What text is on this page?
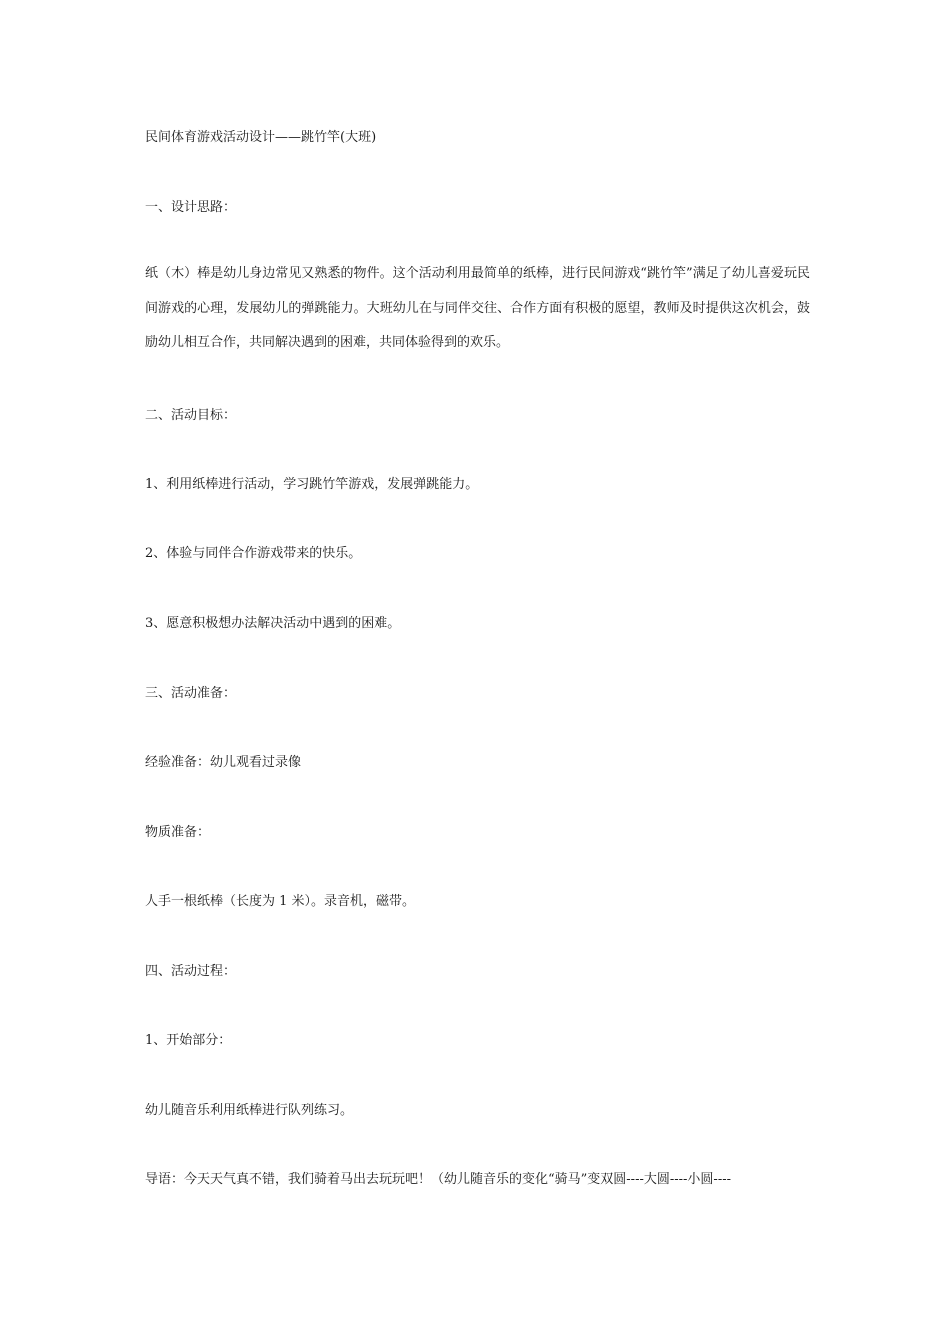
民间体育游戏活动设计——跳竹竿(大班)
一、设计思路：
纸（木）棒是幼儿身边常见又熟悉的物件。这个活动利用最简单的纸棒，进行民间游戏“跳竹竿”满足了幼儿喜爱玩民间游戏的心理，发展幼儿的弹跳能力。大班幼儿在与同伴交往、合作方面有积极的愿望，教师及时提供这次机会，鼓励幼儿相互合作，共同解决遇到的困难，共同体验得到的欢乐。
二、活动目标：
1、利用纸棒进行活动，学习跳竹竿游戏，发展弹跳能力。
2、体验与同伴合作游戏带来的快乐。
3、愿意积极想办法解决活动中遇到的困难。
三、活动准备：
经验准备：幼儿观看过录像
物质准备：
人手一根纸棒（长度为 1 米）。录音机，磁带。
四、活动过程：
1、开始部分：
幼儿随音乐利用纸棒进行队列练习。
导语：今天天气真不错，我们骑着马出去玩玩吧！（幼儿随音乐的变化“骑马”变双圆----大圆----小圆----
